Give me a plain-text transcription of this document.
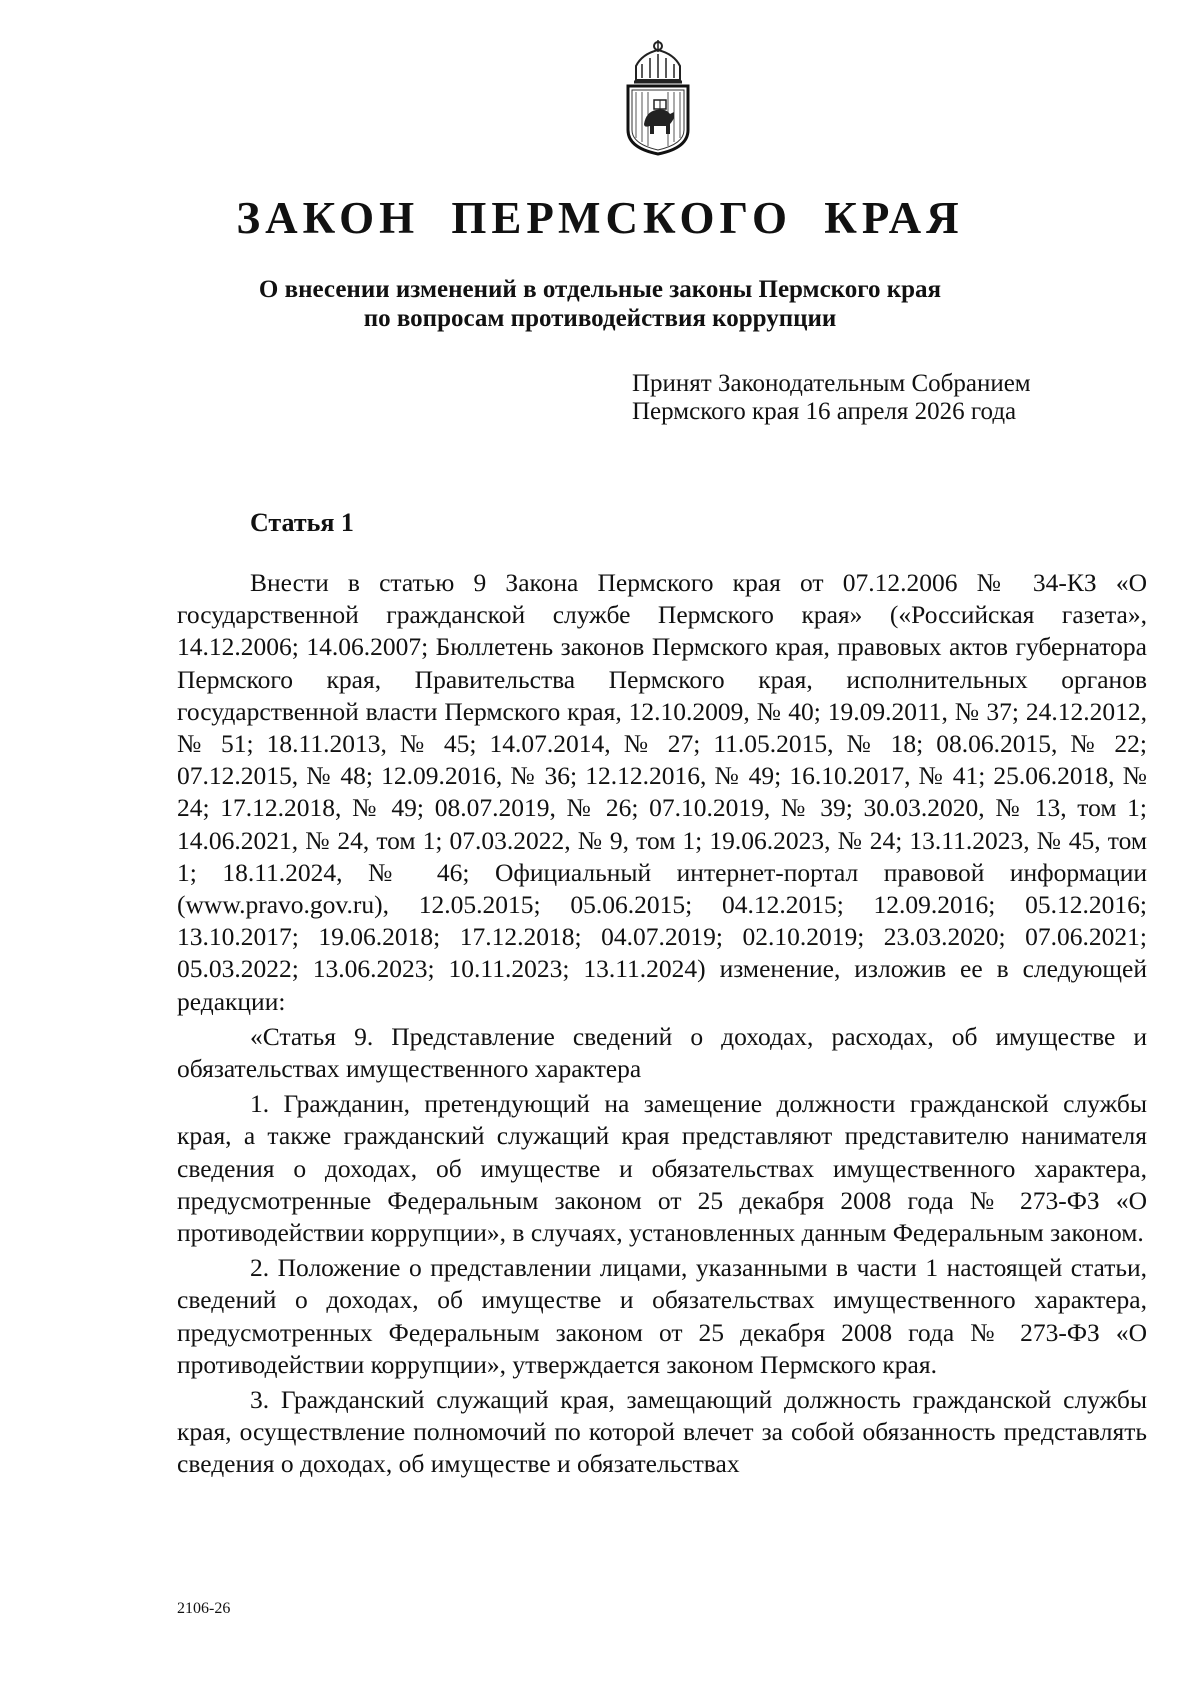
ЗАКОН ПЕРМСКОГО КРАЯ
О внесении изменений в отдельные законы Пермского края
по вопросам противодействия коррупции
Принят Законодательным Собранием
Пермского края 16 апреля 2026 года
Статья 1

Внести в статью 9 Закона Пермского края от 07.12.2006 № 34-КЗ «О государственной гражданской службе Пермского края» («Российская газета», 14.12.2006; 14.06.2007; Бюллетень законов Пермского края, правовых актов губернатора Пермского края, Правительства Пермского края, исполнительных органов государственной власти Пермского края, 12.10.2009, № 40; 19.09.2011, № 37; 24.12.2012, № 51; 18.11.2013, № 45; 14.07.2014, № 27; 11.05.2015, № 18; 08.06.2015, № 22; 07.12.2015, № 48; 12.09.2016, № 36; 12.12.2016, № 49; 16.10.2017, № 41; 25.06.2018, № 24; 17.12.2018, № 49; 08.07.2019, № 26; 07.10.2019, № 39; 30.03.2020, № 13, том 1; 14.06.2021, № 24, том 1; 07.03.2022, № 9, том 1; 19.06.2023, № 24; 13.11.2023, № 45, том 1; 18.11.2024, № 46; Официальный интернет-портал правовой информации (www.pravo.gov.ru), 12.05.2015; 05.06.2015; 04.12.2015; 12.09.2016; 05.12.2016; 13.10.2017; 19.06.2018; 17.12.2018; 04.07.2019; 02.10.2019; 23.03.2020; 07.06.2021; 05.03.2022; 13.06.2023; 10.11.2023; 13.11.2024) изменение, изложив ее в следующей редакции:

«Статья 9. Представление сведений о доходах, расходах, об имуществе и обязательствах имущественного характера

1. Гражданин, претендующий на замещение должности гражданской службы края, а также гражданский служащий края представляют представителю нанимателя сведения о доходах, об имуществе и обязательствах имущественного характера, предусмотренные Федеральным законом от 25 декабря 2008 года № 273-ФЗ «О противодействии коррупции», в случаях, установленных данным Федеральным законом.

2. Положение о представлении лицами, указанными в части 1 настоящей статьи, сведений о доходах, об имуществе и обязательствах имущественного характера, предусмотренных Федеральным законом от 25 декабря 2008 года № 273-ФЗ «О противодействии коррупции», утверждается законом Пермского края.

3. Гражданский служащий края, замещающий должность гражданской службы края, осуществление полномочий по которой влечет за собой обязанность представлять сведения о доходах, об имуществе и обязательствах

2106-26
